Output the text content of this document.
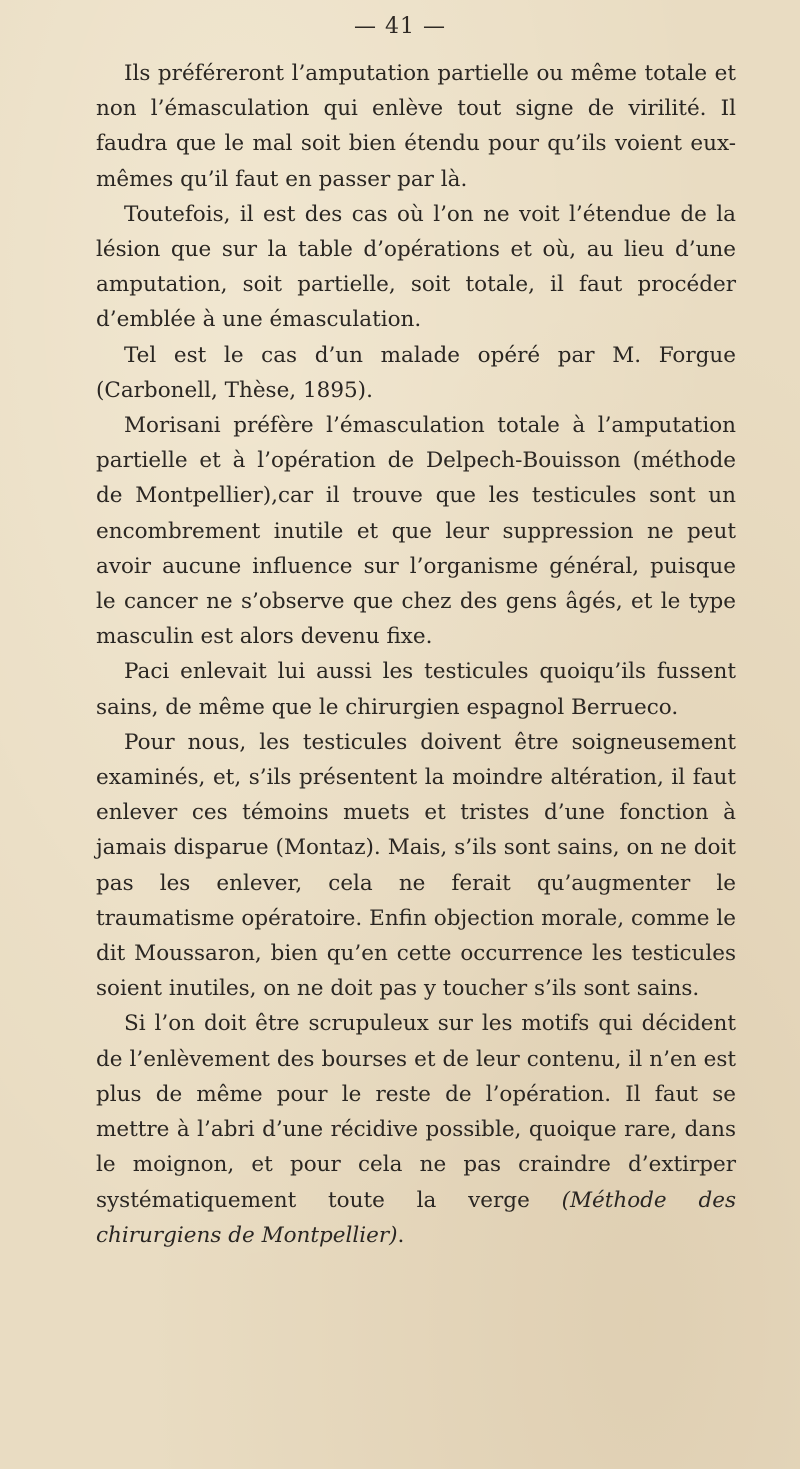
— 41 —

Ils préféreront l’amputation partielle ou même totale et non l’émasculation qui enlève tout signe de virilité. Il faudra que le mal soit bien étendu pour qu’ils voient eux-mêmes qu’il faut en passer par là.

Toutefois, il est des cas où l’on ne voit l’étendue de la lésion que sur la table d’opérations et où, au lieu d’une amputation, soit partielle, soit totale, il faut procéder d’emblée à une émasculation.

Tel est le cas d’un malade opéré par M. Forgue (Carbonell, Thèse, 1895).

Morisani préfère l’émasculation totale à l’amputation partielle et à l’opération de Delpech-Bouisson (méthode de Montpellier),car il trouve que les testicules sont un encombrement inutile et que leur suppression ne peut avoir aucune influence sur l’organisme général, puisque le cancer ne s’observe que chez des gens âgés, et le type masculin est alors devenu fixe.

Paci enlevait lui aussi les testicules quoiqu’ils fussent sains, de même que le chirurgien espagnol Berrueco.

Pour nous, les testicules doivent être soigneusement examinés, et, s’ils présentent la moindre altération, il faut enlever ces témoins muets et tristes d’une fonction à jamais disparue (Montaz). Mais, s’ils sont sains, on ne doit pas les enlever, cela ne ferait qu’augmenter le traumatisme opératoire. Enfin objection morale, comme le dit Moussaron, bien qu’en cette occurrence les testicules soient inutiles, on ne doit pas y toucher s’ils sont sains.

Si l’on doit être scrupuleux sur les motifs qui décident de l’enlèvement des bourses et de leur contenu, il n’en est plus de même pour le reste de l’opération. Il faut se mettre à l’abri d’une récidive possible, quoique rare, dans le moignon, et pour cela ne pas craindre d’extirper systématiquement toute la verge (Méthode des chirurgiens de Montpellier).
